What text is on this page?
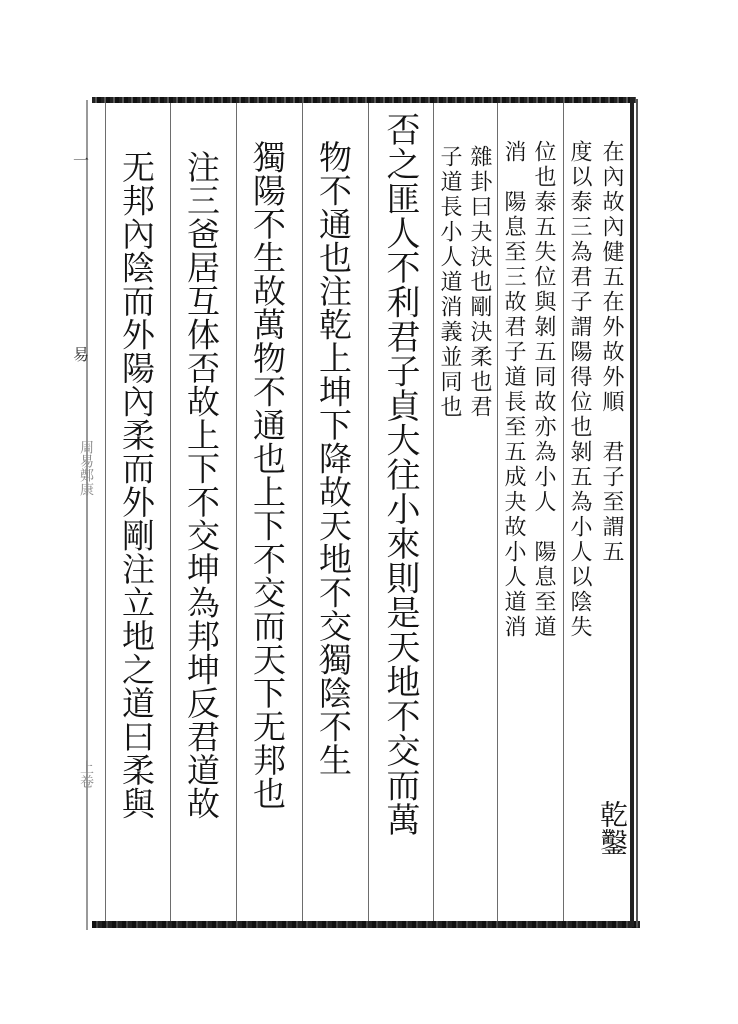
一
易
周易鄭康
上卷
乾鑿
在內故內健五在外故外順　君子至謂五
度以泰三為君子謂陽得位也剝五為小人以陰失
位也泰五失位與剝五同故亦為小人　陽息至道
消　陽息至三故君子道長至五成夬故小人道消
雜卦曰夬決也剛決柔也君
子道長小人道消義並同也
否之匪人不利君子貞大往小來則是天地不交而萬
物不通也注乾上坤下降故天地不交獨陰不生
獨陽不生故萬物不通也上下不交而天下无邦也
注三爸居互体否故上下不交坤為邦坤反君道故
无邦內陰而外陽內柔而外剛注立地之道曰柔與
